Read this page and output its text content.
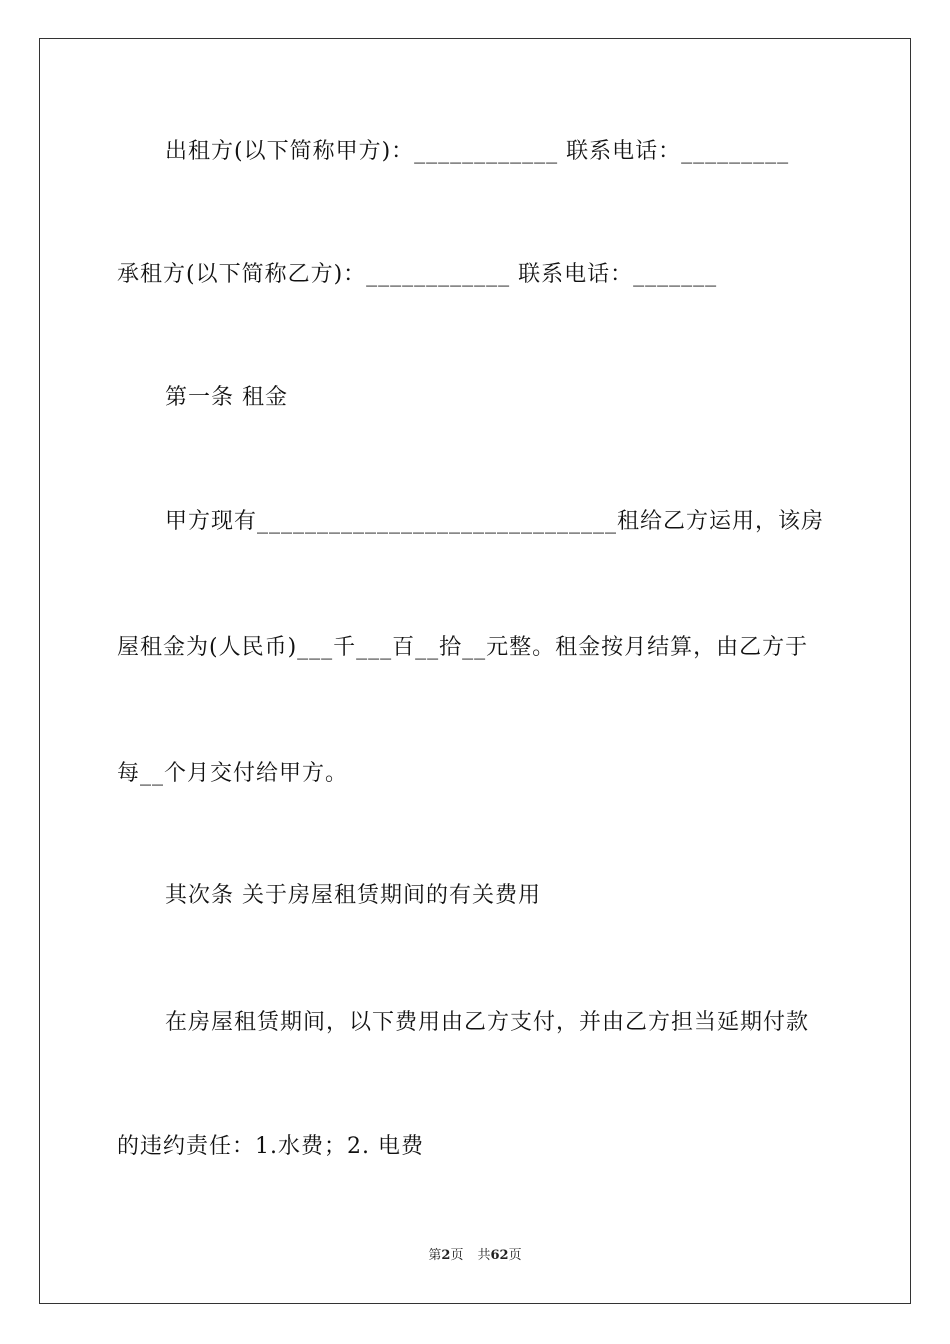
出租方(以下简称甲方)：____________ 联系电话：_________
承租方(以下简称乙方)：____________ 联系电话：_______
第一条 租金
甲方现有______________________________租给乙方运用，该房
屋租金为(人民币)___千___百__拾__元整。租金按月结算，由乙方于
每__个月交付给甲方。
其次条 关于房屋租赁期间的有关费用
在房屋租赁期间，以下费用由乙方支付，并由乙方担当延期付款
的违约责任：1.水费；2. 电费
第2页 共62页
